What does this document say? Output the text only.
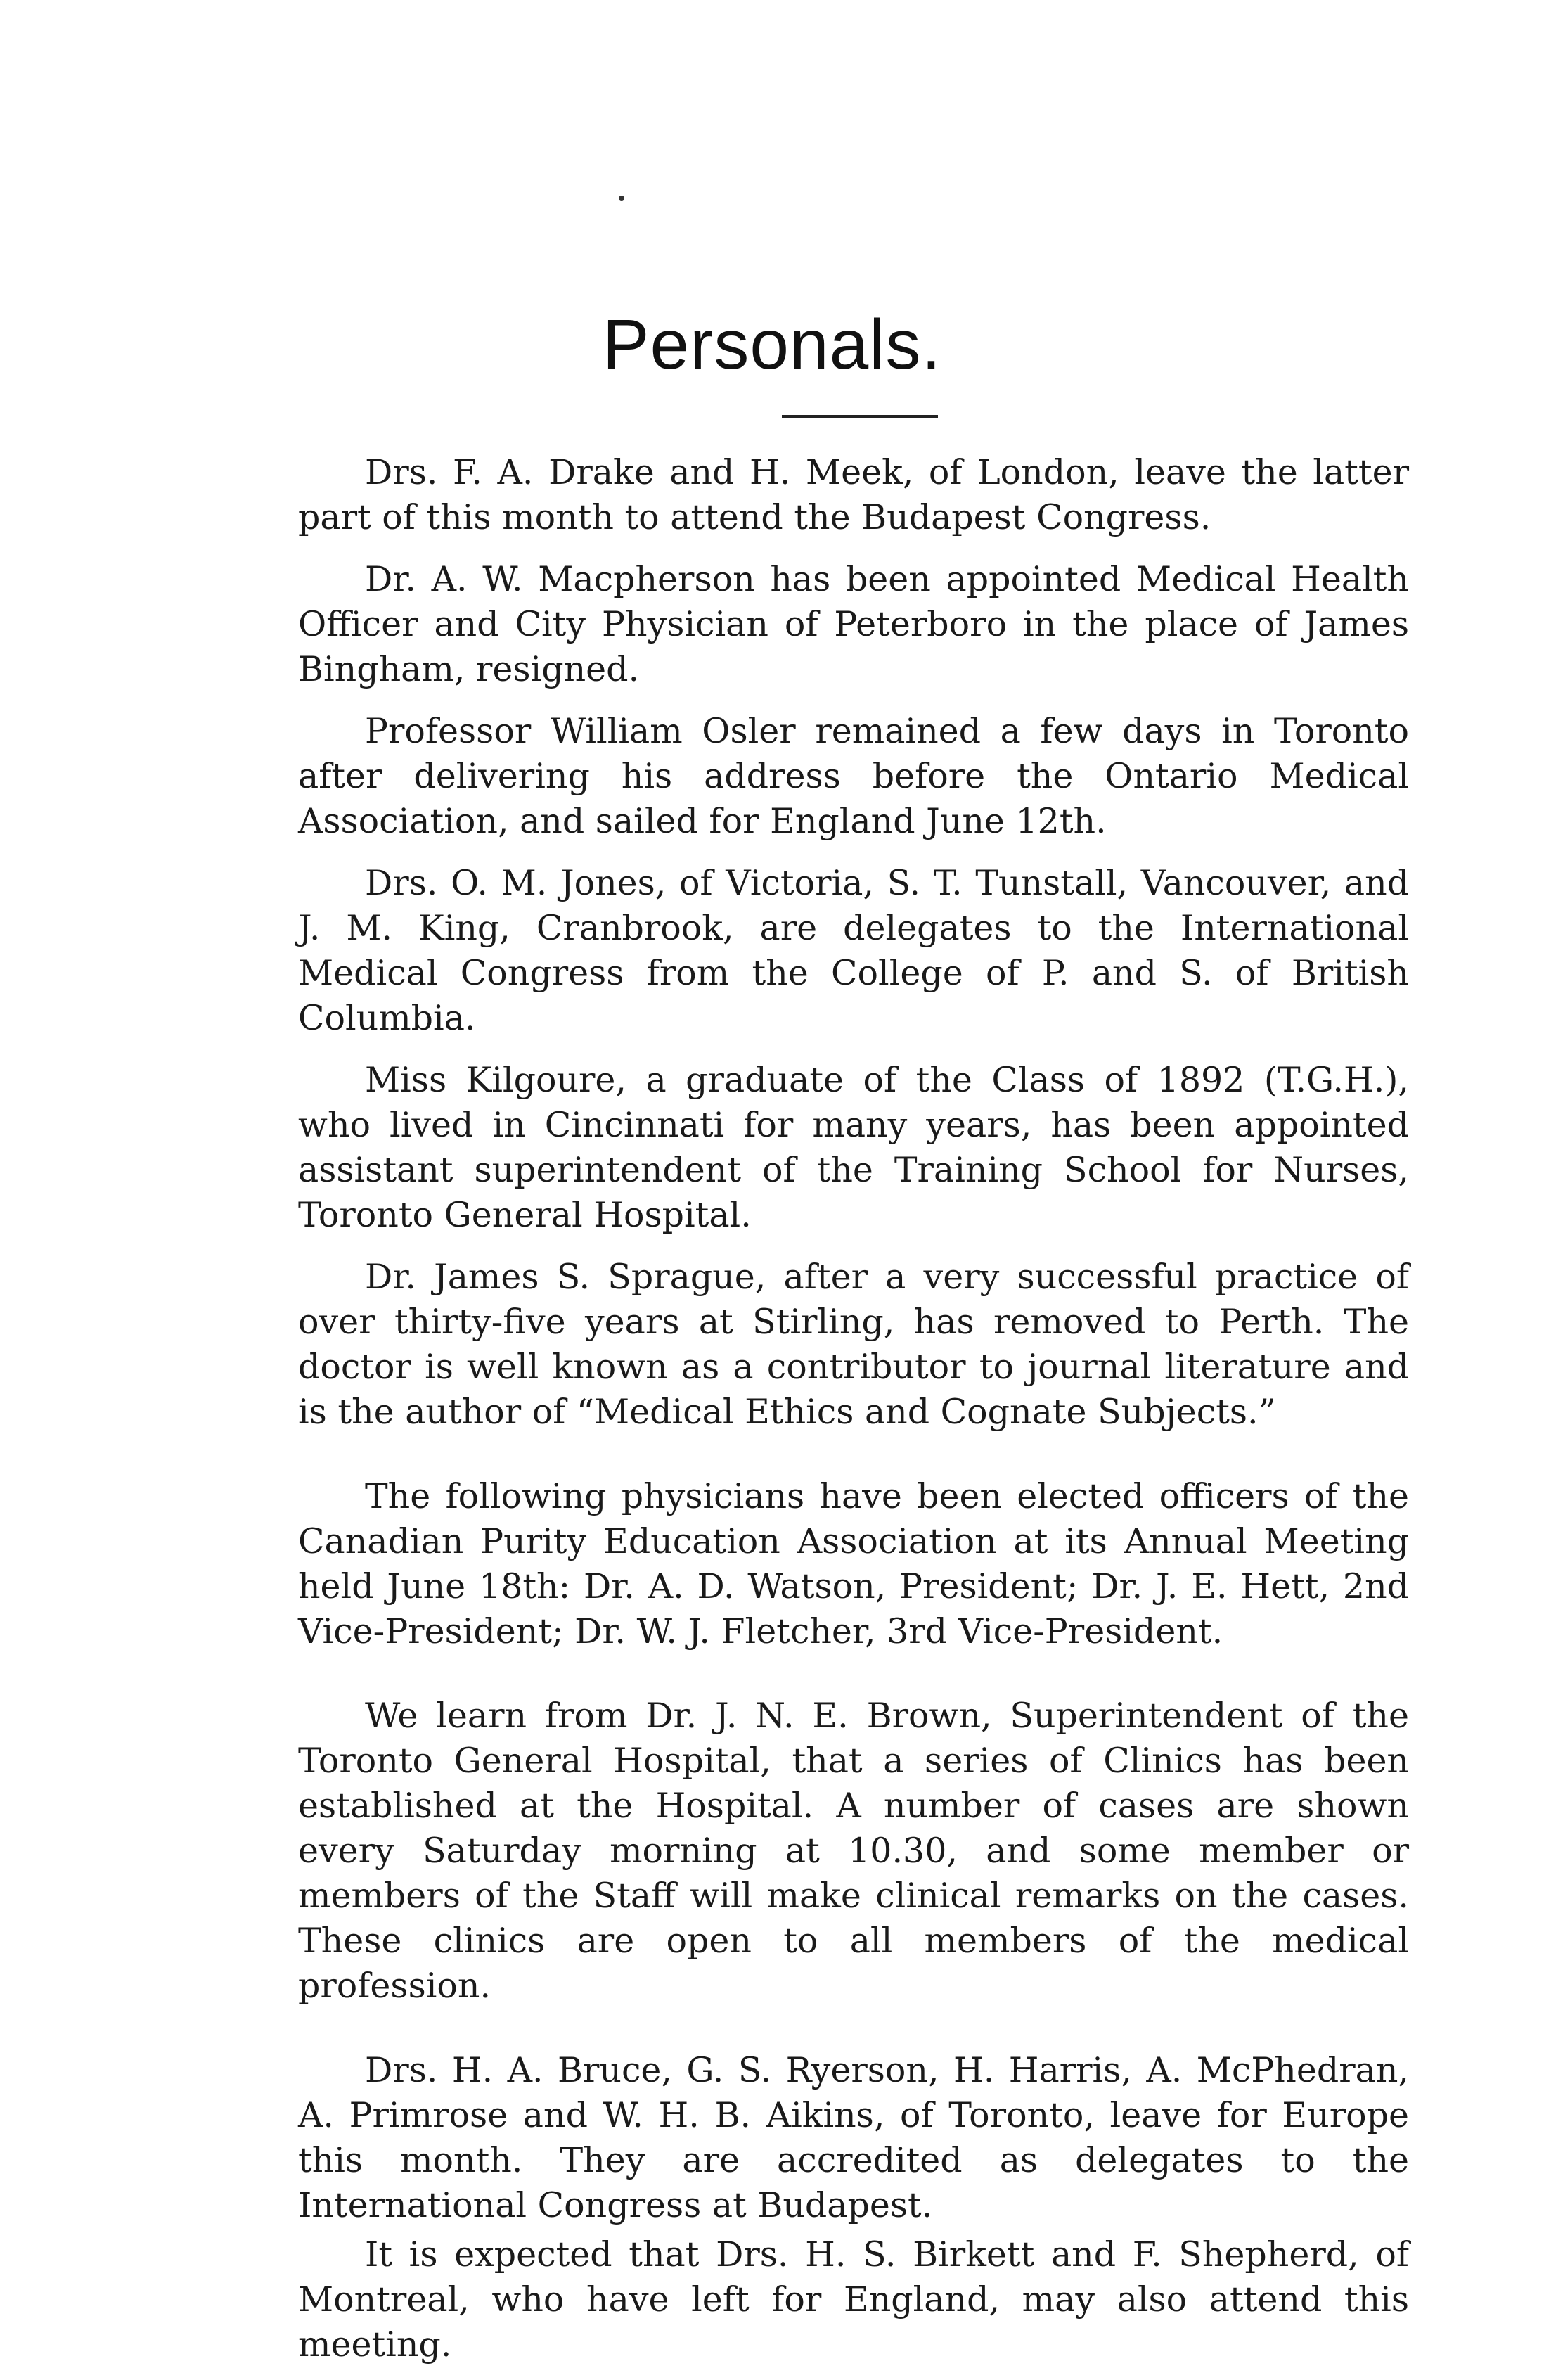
Personals.

Drs. F. A. Drake and H. Meek, of London, leave the latter part of this month to attend the Budapest Congress.

Dr. A. W. Macpherson has been appointed Medical Health Officer and City Physician of Peterboro in the place of James Bingham, resigned.

Professor William Osler remained a few days in Toronto after delivering his address before the Ontario Medical Association, and sailed for England June 12th.

Drs. O. M. Jones, of Victoria, S. T. Tunstall, Vancouver, and J. M. King, Cranbrook, are delegates to the International Medical Congress from the College of P. and S. of British Columbia.

Miss Kilgoure, a graduate of the Class of 1892 (T.G.H.), who lived in Cincinnati for many years, has been appointed assistant superintendent of the Training School for Nurses, Toronto General Hospital.

Dr. James S. Sprague, after a very successful practice of over thirty-five years at Stirling, has removed to Perth. The doctor is well known as a contributor to journal literature and is the author of “Medical Ethics and Cognate Subjects.”

The following physicians have been elected officers of the Canadian Purity Education Association at its Annual Meeting held June 18th: Dr. A. D. Watson, President; Dr. J. E. Hett, 2nd Vice-President; Dr. W. J. Fletcher, 3rd Vice-President.

We learn from Dr. J. N. E. Brown, Superintendent of the Toronto General Hospital, that a series of Clinics has been established at the Hospital. A number of cases are shown every Saturday morning at 10.30, and some member or members of the Staff will make clinical remarks on the cases. These clinics are open to all members of the medical profession.

Drs. H. A. Bruce, G. S. Ryerson, H. Harris, A. McPhedran, A. Primrose and W. H. B. Aikins, of Toronto, leave for Europe this month. They are accredited as delegates to the International Congress at Budapest.

It is expected that Drs. H. S. Birkett and F. Shepherd, of Montreal, who have left for England, may also attend this meeting.
